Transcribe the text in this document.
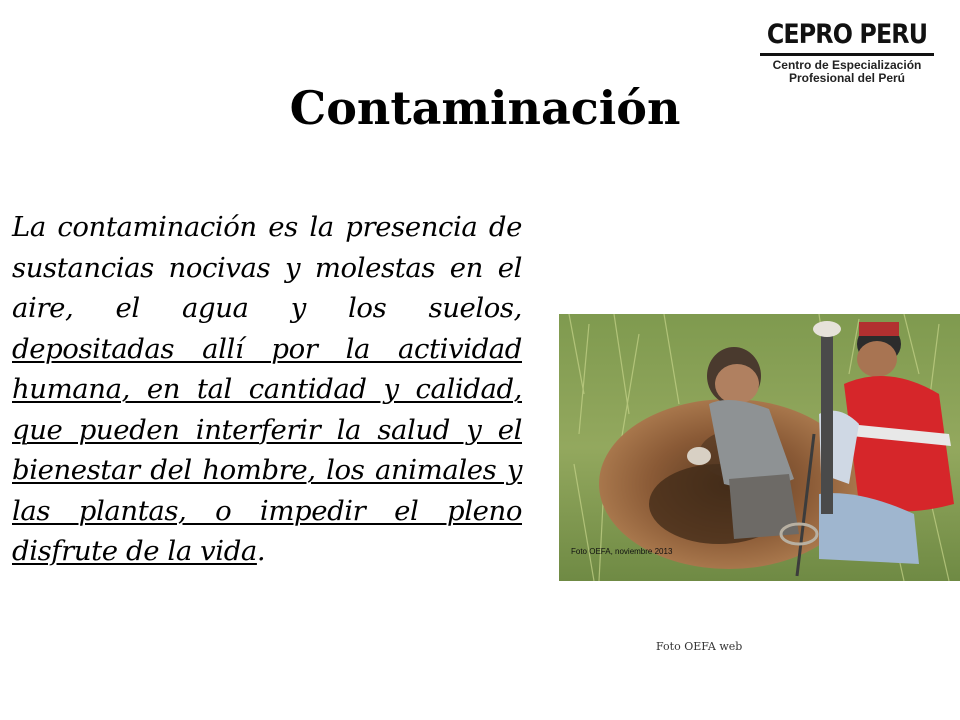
CEPRO PERU
Centro de Especialización
Profesional del Perú
Contaminación

La contaminación es la presencia de sustancias nocivas y molestas en el aire, el agua y los suelos, depositadas allí por la actividad humana, en tal cantidad y calidad, que pueden interferir la salud y el bienestar del hombre, los animales y las plantas, o impedir el pleno disfrute de la vida.	Foto OEFA, noviembre 2013
Foto OEFA web
